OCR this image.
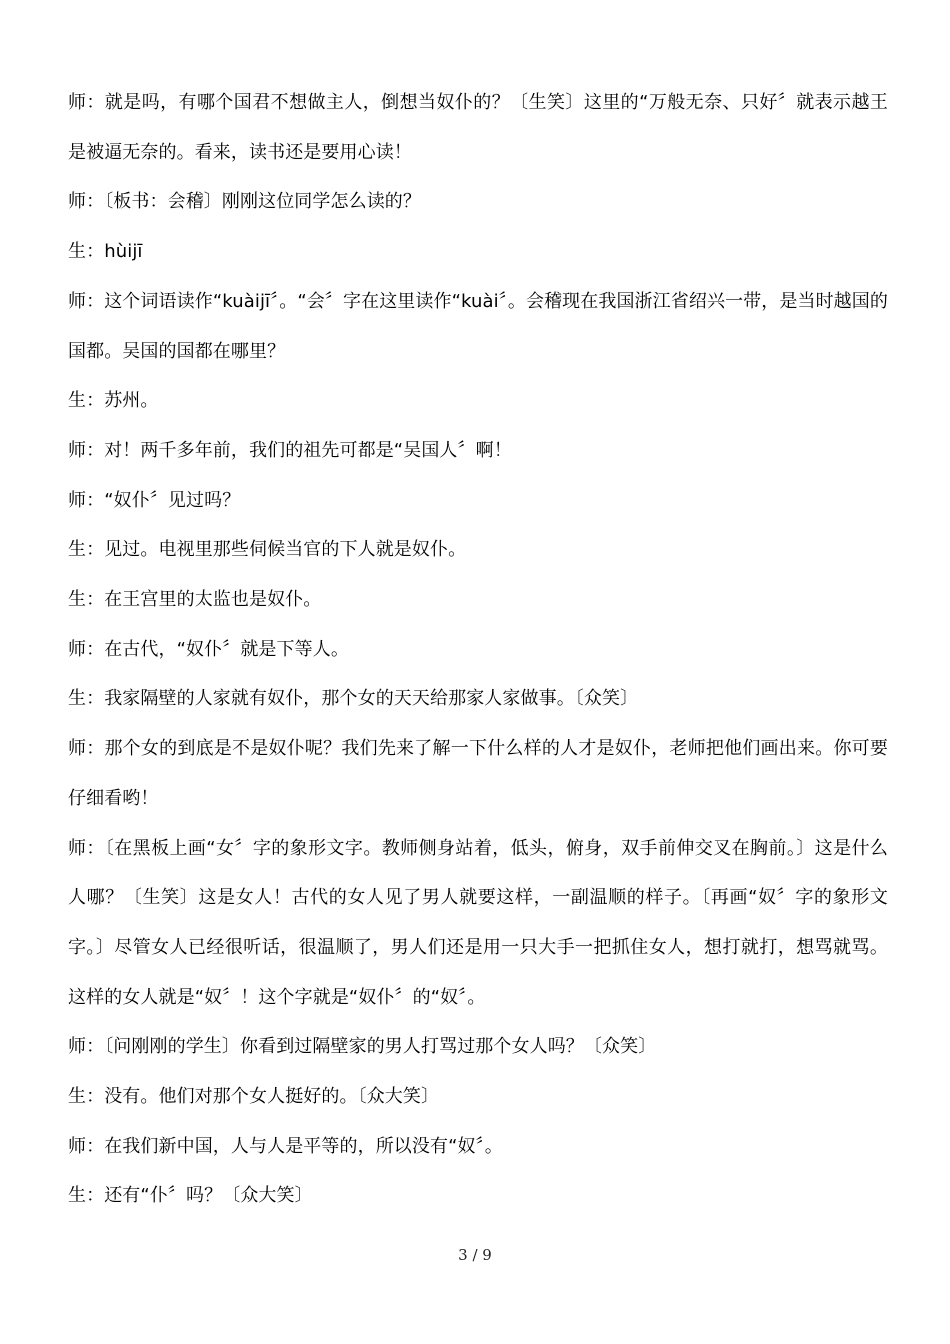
师：就是吗，有哪个国君不想做主人，倒想当奴仆的？〔生笑〕这里的“万般无奈、只好〞就表示越王是被逼无奈的。看来，读书还是要用心读！

师：〔板书：会稽〕刚刚这位同学怎么读的？

生：hùijī

师：这个词语读作“kuàijī〞。“会〞字在这里读作“kuài〞。会稽现在我国浙江省绍兴一带，是当时越国的国都。吴国的国都在哪里？

生：苏州。

师：对！两千多年前，我们的祖先可都是“吴国人〞啊！

师：“奴仆〞见过吗？

生：见过。电视里那些伺候当官的下人就是奴仆。

生：在王宫里的太监也是奴仆。

师：在古代，“奴仆〞就是下等人。

生：我家隔壁的人家就有奴仆，那个女的天天给那家人家做事。〔众笑〕

师：那个女的到底是不是奴仆呢？我们先来了解一下什么样的人才是奴仆，老师把他们画出来。你可要仔细看哟！

师：〔在黑板上画“女〞字的象形文字。教师侧身站着，低头，俯身，双手前伸交叉在胸前。〕这是什么人哪？〔生笑〕这是女人！古代的女人见了男人就要这样，一副温顺的样子。〔再画“奴〞字的象形文字。〕尽管女人已经很听话，很温顺了，男人们还是用一只大手一把抓住女人，想打就打，想骂就骂。这样的女人就是“奴〞！这个字就是“奴仆〞的“奴〞。

师：〔问刚刚的学生〕你看到过隔壁家的男人打骂过那个女人吗？〔众笑〕

生：没有。他们对那个女人挺好的。〔众大笑〕

师：在我们新中国，人与人是平等的，所以没有“奴〞。

生：还有“仆〞吗？〔众大笑〕

3 / 9
